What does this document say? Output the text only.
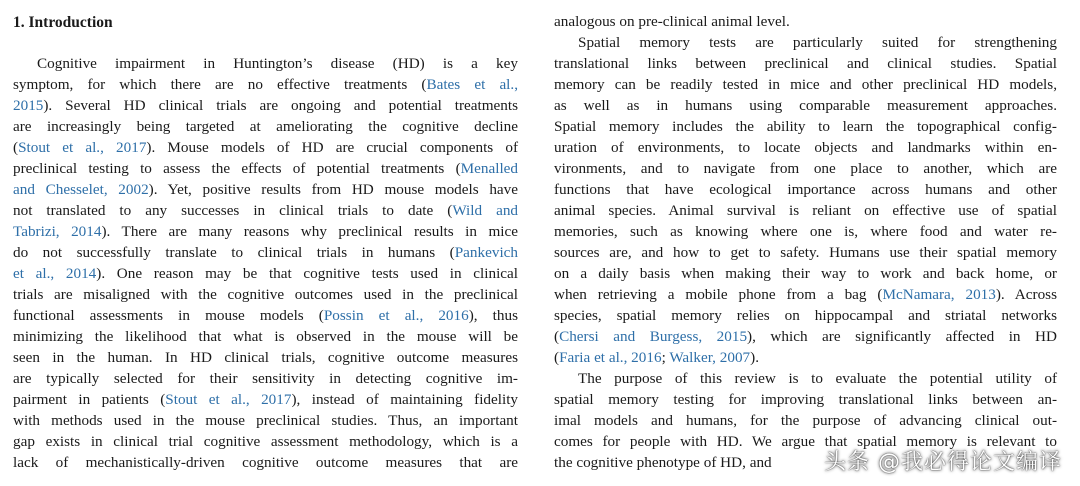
1. Introduction
Cognitive impairment in Huntington’s disease (HD) is a key
symptom, for which there are no effective treatments (Bates et al.,
2015). Several HD clinical trials are ongoing and potential treatments
are increasingly being targeted at ameliorating the cognitive decline
(Stout et al., 2017). Mouse models of HD are crucial components of
preclinical testing to assess the effects of potential treatments (Menalled
and Chesselet, 2002). Yet, positive results from HD mouse models have
not translated to any successes in clinical trials to date (Wild and
Tabrizi, 2014). There are many reasons why preclinical results in mice
do not successfully translate to clinical trials in humans (Pankevich
et al., 2014). One reason may be that cognitive tests used in clinical
trials are misaligned with the cognitive outcomes used in the preclinical
functional assessments in mouse models (Possin et al., 2016), thus
minimizing the likelihood that what is observed in the mouse will be
seen in the human. In HD clinical trials, cognitive outcome measures
are typically selected for their sensitivity in detecting cognitive im-
pairment in patients (Stout et al., 2017), instead of maintaining fidelity
with methods used in the mouse preclinical studies. Thus, an important
gap exists in clinical trial cognitive assessment methodology, which is a
lack of mechanistically-driven cognitive outcome measures that are
analogous on pre-clinical animal level.
Spatial memory tests are particularly suited for strengthening
translational links between preclinical and clinical studies. Spatial
memory can be readily tested in mice and other preclinical HD models,
as well as in humans using comparable measurement approaches.
Spatial memory includes the ability to learn the topographical config-
uration of environments, to locate objects and landmarks within en-
vironments, and to navigate from one place to another, which are
functions that have ecological importance across humans and other
animal species. Animal survival is reliant on effective use of spatial
memories, such as knowing where one is, where food and water re-
sources are, and how to get to safety. Humans use their spatial memory
on a daily basis when making their way to work and back home, or
when retrieving a mobile phone from a bag (McNamara, 2013). Across
species, spatial memory relies on hippocampal and striatal networks
(Chersi and Burgess, 2015), which are significantly affected in HD
(Faria et al., 2016; Walker, 2007).
The purpose of this review is to evaluate the potential utility of
spatial memory testing for improving translational links between an-
imal models and humans, for the purpose of advancing clinical out-
comes for people with HD. We argue that spatial memory is relevant to
the cognitive phenotype of HD, and	头条 @我必得论文编译
